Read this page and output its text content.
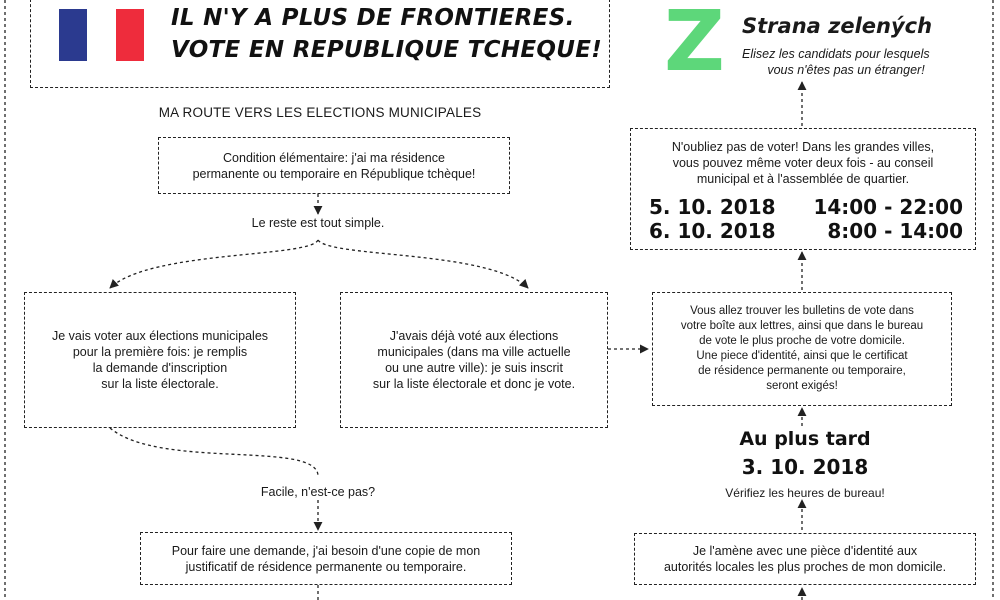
IL N'Y A PLUS DE FRONTIERES.
VOTE EN REPUBLIQUE TCHEQUE! Z Strana zelených
Elisez les candidats pour lesquels
vous n'êtes pas un étranger!
MA ROUTE VERS LES ELECTIONS MUNICIPALES
Condition élémentaire: j'ai ma résidence
permanente ou temporaire en République tchèque!
Le reste est tout simple.
Je vais voter aux élections municipales
pour la première fois: je remplis
la demande d'inscription
sur la liste électorale.
J'avais déjà voté aux élections
municipales (dans ma ville actuelle
ou une autre ville): je suis inscrit
sur la liste électorale et donc je vote.
Facile, n'est-ce pas?
Pour faire une demande, j'ai besoin d'une copie de mon
justificatif de résidence permanente ou temporaire.
N'oubliez pas de voter! Dans les grandes villes,
vous pouvez même voter deux fois - au conseil
municipal et à l'assemblée de quartier.
5. 10. 2018 14:00 - 22:00
6. 10. 2018	8:00 - 14:00
Vous allez trouver les bulletins de vote dans
votre boîte aux lettres, ainsi que dans le bureau
de vote le plus proche de votre domicile.
Une piece d'identité, ainsi que le certificat
de résidence permanente ou temporaire,
seront exigés!
Au plus tard
3. 10. 2018
Vérifiez les heures de bureau!
Je l'amène avec une pièce d'identité aux
autorités locales les plus proches de mon domicile.
